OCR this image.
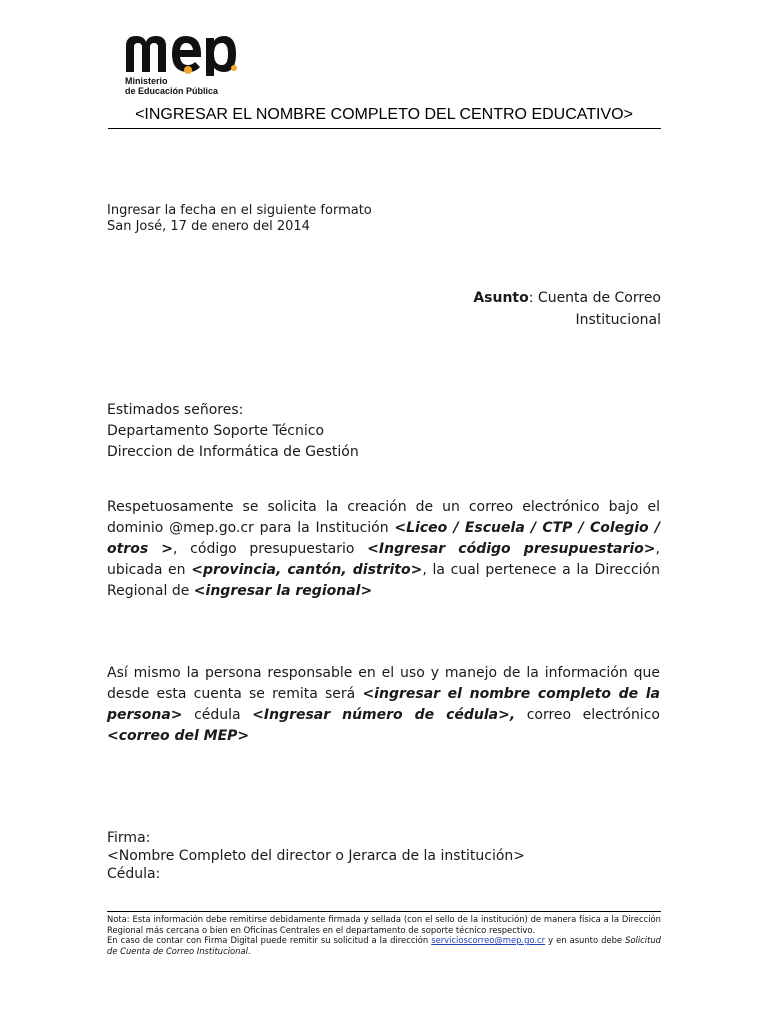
Ministerio
de Educación Pública
<INGRESAR EL NOMBRE COMPLETO DEL CENTRO EDUCATIVO>
Ingresar la fecha en el siguiente formato
San José, 17 de enero del 2014
Asunto: Cuenta de Correo
Institucional
Estimados señores:
Departamento Soporte Técnico
Direccion de Informática de Gestión
Respetuosamente se solicita la creación de un correo electrónico bajo el dominio @mep.go.cr para la Institución <Liceo / Escuela / CTP / Colegio / otros >, código presupuestario <Ingresar código presupuestario>, ubicada en <provincia, cantón, distrito>, la cual pertenece a la Dirección Regional de <ingresar la regional>
Así mismo la persona responsable en el uso y manejo de la información que desde esta cuenta se remita será <ingresar el nombre completo de la persona> cédula <Ingresar número de cédula>, correo electrónico <correo del MEP>
Firma:
<Nombre Completo del director o Jerarca de la institución>
Cédula:
Nota: Esta información debe remitirse debidamente firmada y sellada (con el sello de la institución) de manera física a la Dirección Regional más cercana o bien en Oficinas Centrales en el departamento de soporte técnico respectivo.
En caso de contar con Firma Digital puede remitir su solicitud a la dirección servicioscorreo@mep.go.cr y en asunto debe Solicitud de Cuenta de Correo Institucional.
